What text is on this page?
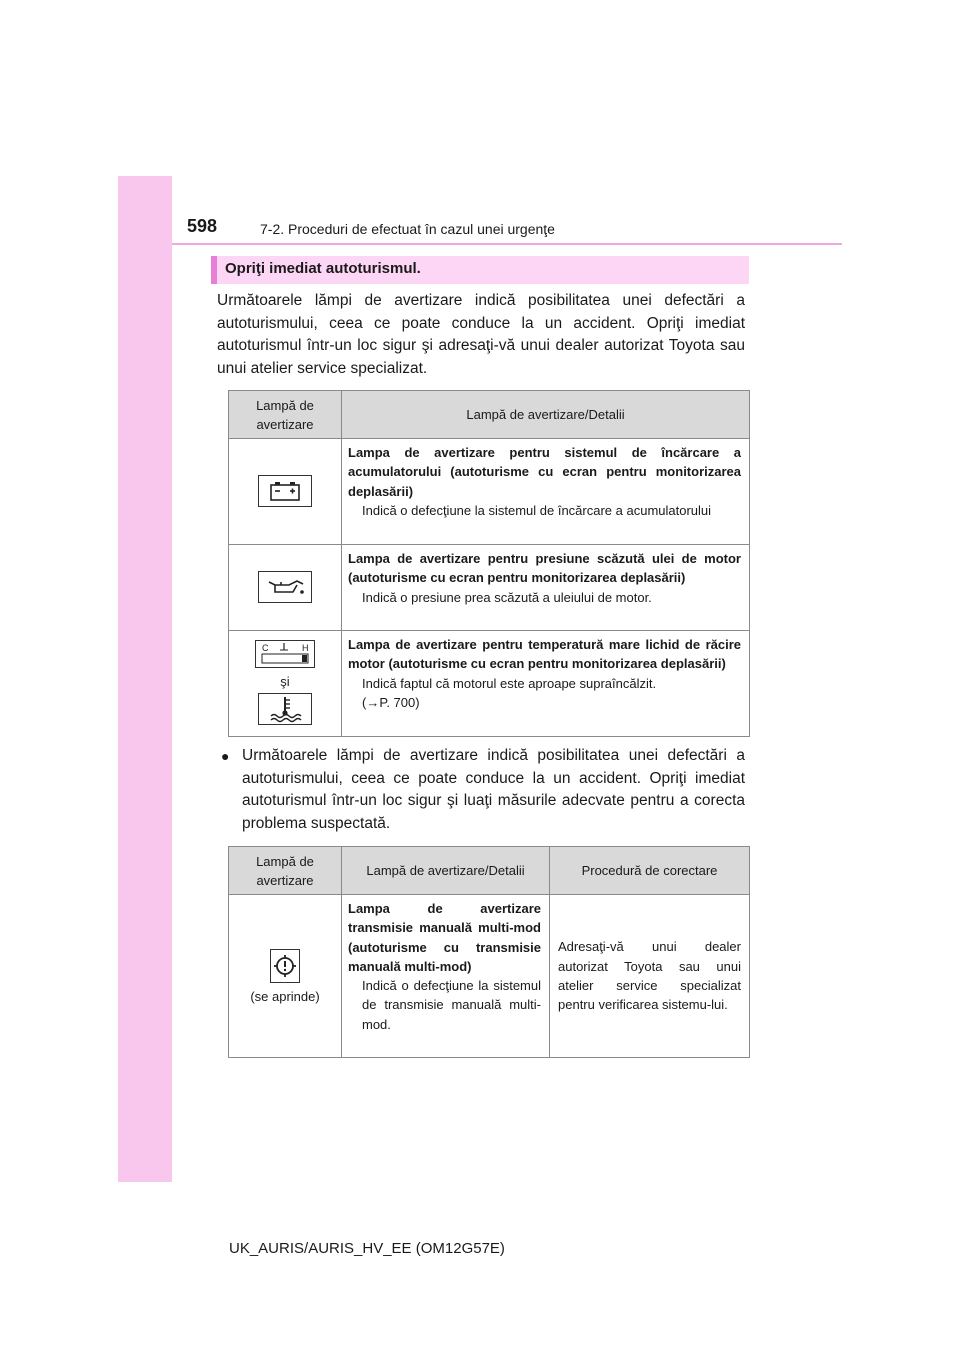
598	7-2. Proceduri de efectuat în cazul unei urgenţe
Opriţi imediat autoturismul.
Următoarele lămpi de avertizare indică posibilitatea unei defectări a autoturismului, ceea ce poate conduce la un accident. Opriţi imediat autoturismul într-un loc sigur şi adresaţi-vă unui dealer autorizat Toyota sau unui atelier service specializat.
Lampă de avertizare	Lampă de avertizare/Detalii

Lampa de avertizare pentru sistemul de încărcare a acumulatorului (autoturisme cu ecran pentru monitorizarea deplasării)
Indică o defecţiune la sistemul de încărcare a acumulatorului

Lampa de avertizare pentru presiune scăzută ulei de motor (autoturisme cu ecran pentru monitorizarea deplasării)
Indică o presiune prea scăzută a uleiului de motor.

C H
şi	Lampa de avertizare pentru temperatură mare lichid de răcire motor (autoturisme cu ecran pentru monitorizarea deplasării)
Indică faptul că motorul este aproape supraîncălzit.
(→P. 700)
● Următoarele lămpi de avertizare indică posibilitatea unei defectări a autoturismului, ceea ce poate conduce la un accident. Opriţi imediat autoturismul într-un loc sigur şi luaţi măsurile adecvate pentru a corecta problema suspectată.
Lampă de avertizare	Lampă de avertizare/Detalii	Procedură de corectare

(se aprinde)	Lampa de avertizare transmisie manuală multi-mod (autoturisme cu transmisie manuală multi-mod)
Indică o defecţiune la sistemul de transmisie manuală multi-mod.	Adresaţi-vă unui dealer autorizat Toyota sau unui atelier service specializat pentru verificarea sistemu-lui.
UK_AURIS/AURIS_HV_EE (OM12G57E)
